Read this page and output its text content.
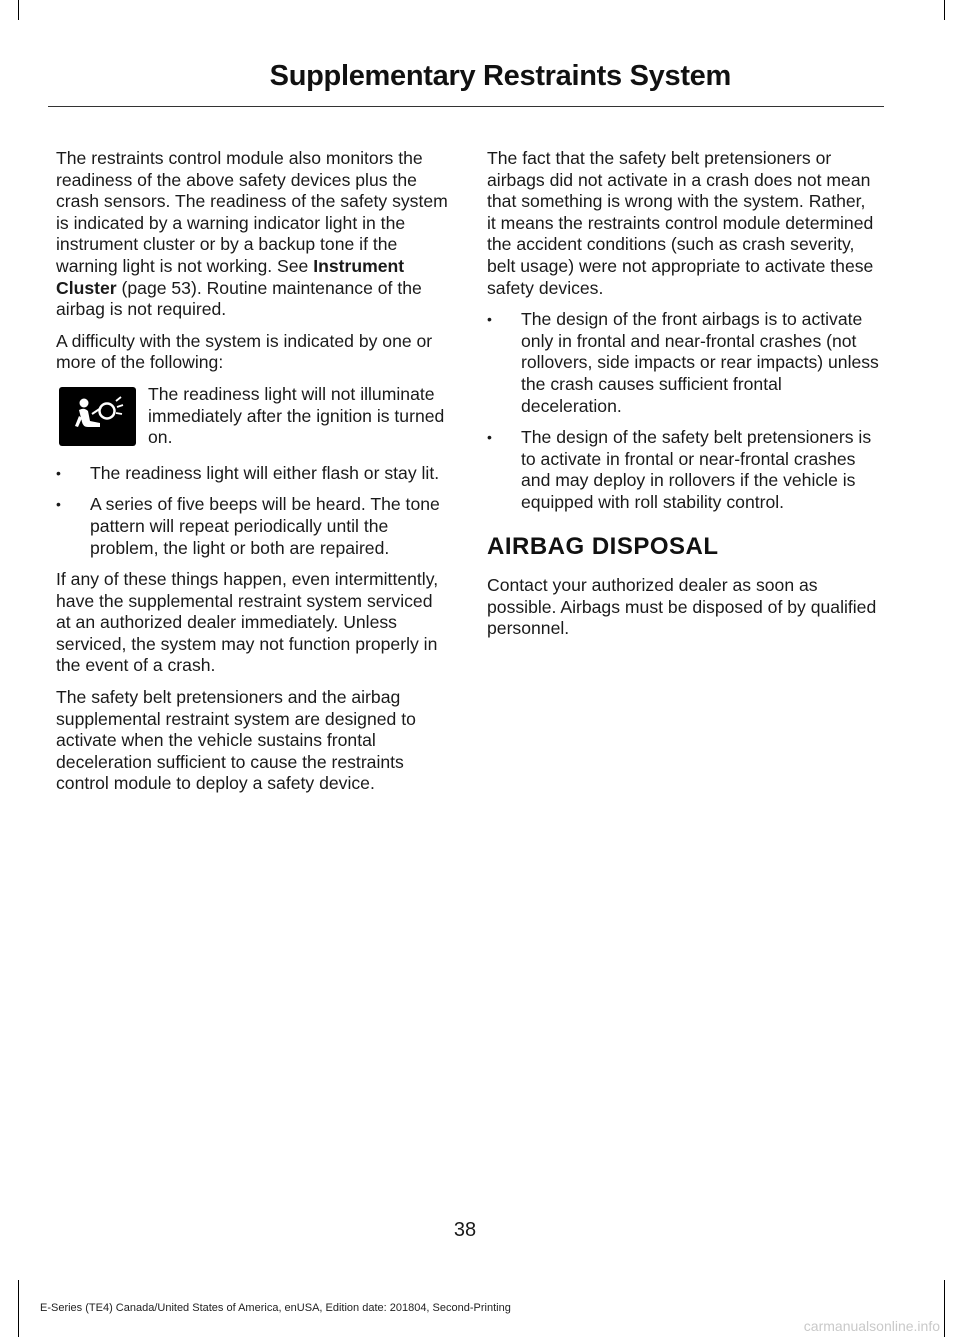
Supplementary Restraints System

The restraints control module also monitors the readiness of the above safety devices plus the crash sensors. The readiness of the safety system is indicated by a warning indicator light in the instrument cluster or by a backup tone if the warning light is not working. See Instrument Cluster (page 53). Routine maintenance of the airbag is not required.

A difficulty with the system is indicated by one or more of the following:

The readiness light will not illuminate immediately after the ignition is turned on.
• The readiness light will either flash or stay lit.
• A series of five beeps will be heard. The tone pattern will repeat periodically until the problem, the light or both are repaired.

If any of these things happen, even intermittently, have the supplemental restraint system serviced at an authorized dealer immediately. Unless serviced, the system may not function properly in the event of a crash.

The safety belt pretensioners and the airbag supplemental restraint system are designed to activate when the vehicle sustains frontal deceleration sufficient to cause the restraints control module to deploy a safety device.

The fact that the safety belt pretensioners or airbags did not activate in a crash does not mean that something is wrong with the system. Rather, it means the restraints control module determined the accident conditions (such as crash severity, belt usage) were not appropriate to activate these safety devices.

• The design of the front airbags is to activate only in frontal and near-frontal crashes (not rollovers, side impacts or rear impacts) unless the crash causes sufficient frontal deceleration.
• The design of the safety belt pretensioners is to activate in frontal or near-frontal crashes and may deploy in rollovers if the vehicle is equipped with roll stability control.
AIRBAG DISPOSAL

Contact your authorized dealer as soon as possible. Airbags must be disposed of by qualified personnel.

38
E-Series (TE4) Canada/United States of America, enUSA, Edition date: 201804, Second-Printing
carmanualsonline.info
